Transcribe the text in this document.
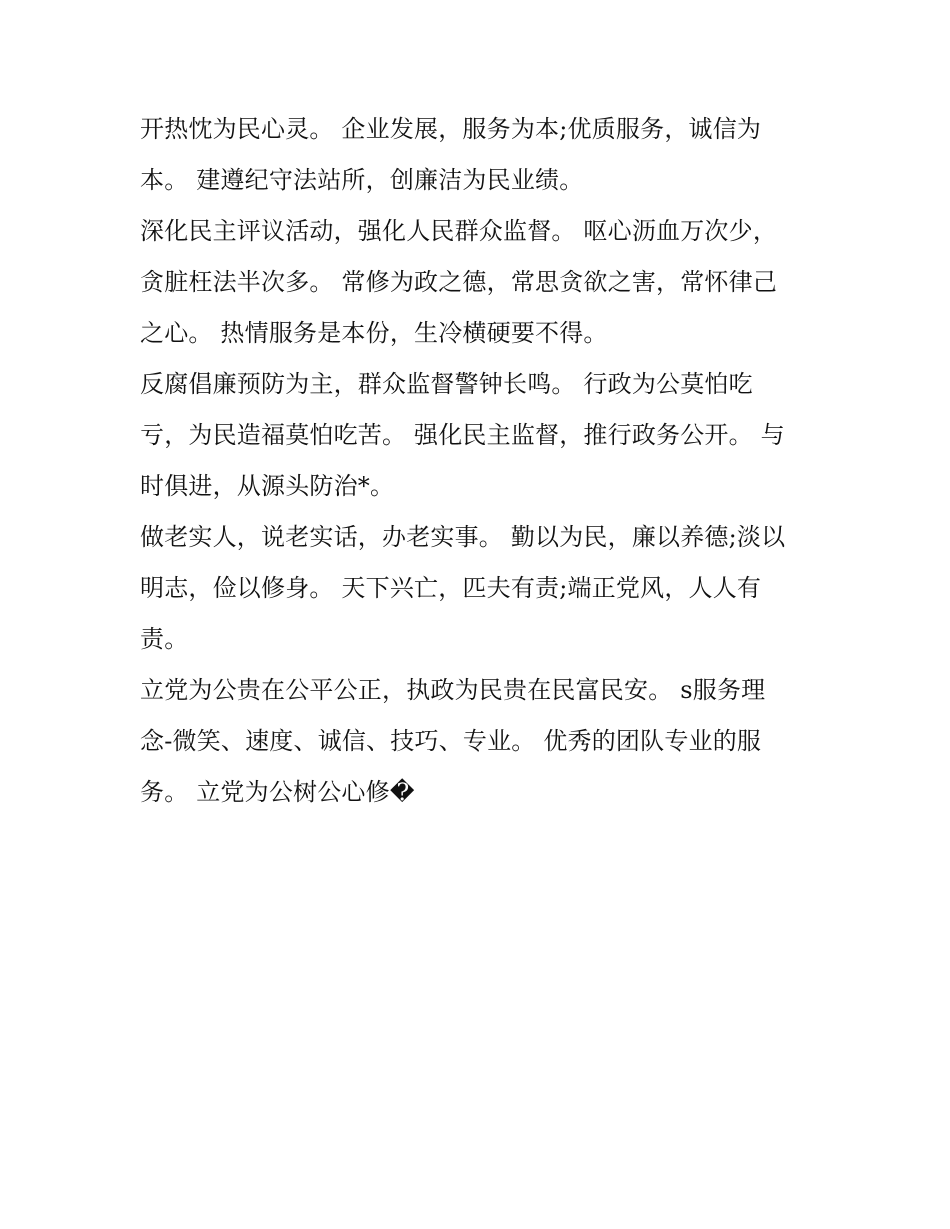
开热忱为民心灵。 企业发展，服务为本;优质服务，诚信为
本。 建遵纪守法站所，创廉洁为民业绩。

深化民主评议活动，强化人民群众监督。 呕心沥血万次少，
贪脏枉法半次多。 常修为政之德，常思贪欲之害，常怀律己
之心。 热情服务是本份，生冷横硬要不得。

反腐倡廉预防为主，群众监督警钟长鸣。 行政为公莫怕吃
亏，为民造福莫怕吃苦。 强化民主监督，推行政务公开。 与
时俱进，从源头防治*。

做老实人，说老实话，办老实事。 勤以为民，廉以养德;淡以
明志，俭以修身。 天下兴亡，匹夫有责;端正党风，人人有
责。

立党为公贵在公平公正，执政为民贵在民富民安。 s服务理
念-微笑、速度、诚信、技巧、专业。 优秀的团队专业的服
务。 立党为公树公心修�
